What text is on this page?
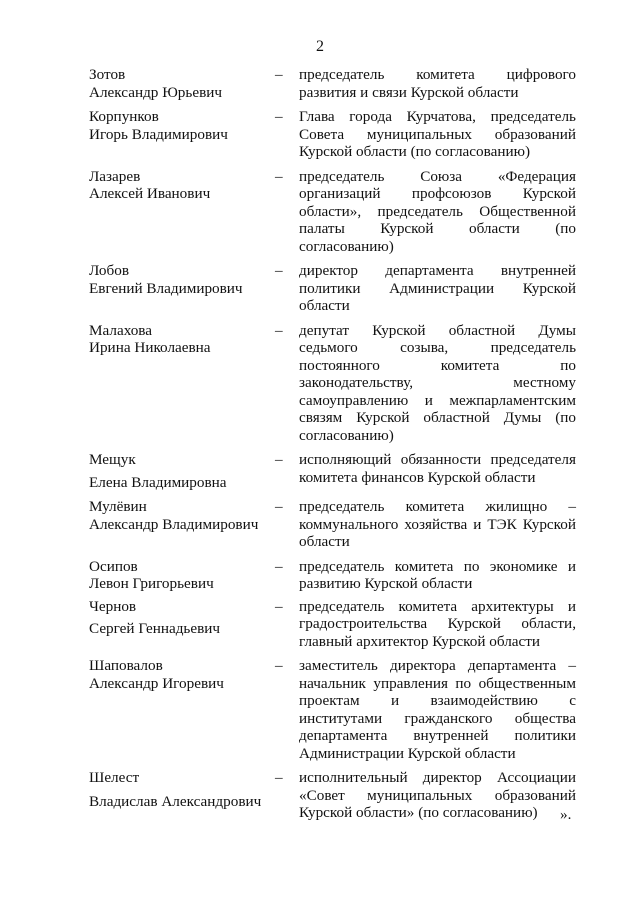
2
Зотов
Александр Юрьевич
–	председатель комитета цифрового развития и связи Курской области
Корпунков
Игорь Владимирович
–	Глава города Курчатова, председатель Совета муниципальных образований Курской области (по согласованию)
Лазарев
Алексей Иванович
–	председатель Союза «Федерация организаций профсоюзов Курской области», председатель Общественной палаты Курской области (по согласованию)
Лобов
Евгений Владимирович
–	директор департамента внутренней политики Администрации Курской области
Малахова
Ирина Николаевна
–	депутат Курской областной Думы седьмого созыва, председатель постоянного комитета по законодательству, местному самоуправлению и межпарламентским связям Курской областной Думы (по согласованию)
Мещук
Елена Владимировна
–	исполняющий обязанности председателя комитета финансов Курской области
Мулёвин
Александр Владимирович
–	председатель комитета жилищно – коммунального хозяйства и ТЭК Курской области
Осипов
Левон Григорьевич
–	председатель комитета по экономике и развитию Курской области
Чернов
Сергей Геннадьевич
–	председатель комитета архитектуры и градостроительства Курской области, главный архитектор Курской области
Шаповалов
Александр Игоревич
–	заместитель директора департамента – начальник управления по общественным проектам и взаимодействию с институтами гражданского общества департамента внутренней политики Администрации Курской области
Шелест
Владислав Александрович
–	исполнительный директор Ассоциации «Совет муниципальных образований Курской области» (по согласованию)	».
